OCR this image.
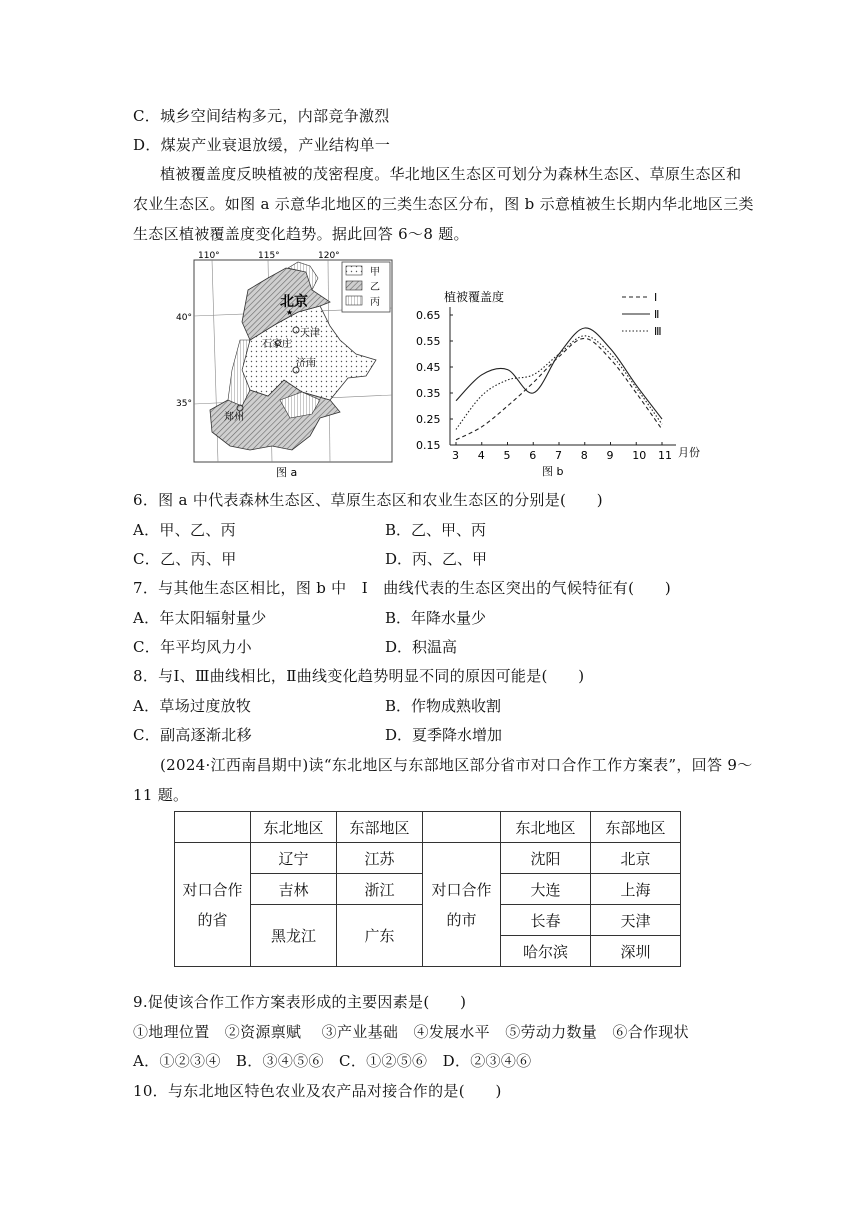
C．城乡空间结构多元，内部竞争激烈
D．煤炭产业衰退放缓，产业结构单一
植被覆盖度反映植被的茂密程度。华北地区生态区可划分为森林生态区、草原生态区和
农业生态区。如图 a 示意华北地区的三类生态区分布，图 b 示意植被生长期内华北地区三类
生态区植被覆盖度变化趋势。据此回答 6～8 题。
110°	115°	120°
40°
35°
甲
乙
丙
★
北京
天津
石家庄
济南
郑州
图 a
植被覆盖度
月份
图 b
0.15
0.25
0.35
0.45
0.55
0.65
3 4 5 6 7 8 9 10 11
Ⅰ
Ⅱ
Ⅲ
6．图 a 中代表森林生态区、草原生态区和农业生态区的分别是(　　)
A．甲、乙、丙	B．乙、甲、丙
C．乙、丙、甲	D．丙、乙、甲
7．与其他生态区相比，图 b 中　Ⅰ　曲线代表的生态区突出的气候特征有(　　)
A．年太阳辐射量少	B．年降水量少
C．年平均风力小	D．积温高
8．与Ⅰ、Ⅲ曲线相比，Ⅱ曲线变化趋势明显不同的原因可能是(　　)
A．草场过度放牧	B．作物成熟收割
C．副高逐渐北移	D．夏季降水增加
(2024·江西南昌期中)读“东北地区与东部地区部分省市对口合作工作方案表”，回答 9～
11 题。
	东北地区	东部地区		东北地区	东部地区
对口合作的省	辽宁	江苏	对口合作的市	沈阳	北京
	吉林	浙江		大连	上海
	黑龙江	广东		长春	天津
				哈尔滨	深圳
9.促使该合作工作方案表形成的主要因素是(　　)
①地理位置　②资源禀赋　 ③产业基础　④发展水平　⑤劳动力数量　⑥合作现状
A．①②③④　B．③④⑤⑥　C．①②⑤⑥　D．②③④⑥
10．与东北地区特色农业及农产品对接合作的是(　　)
